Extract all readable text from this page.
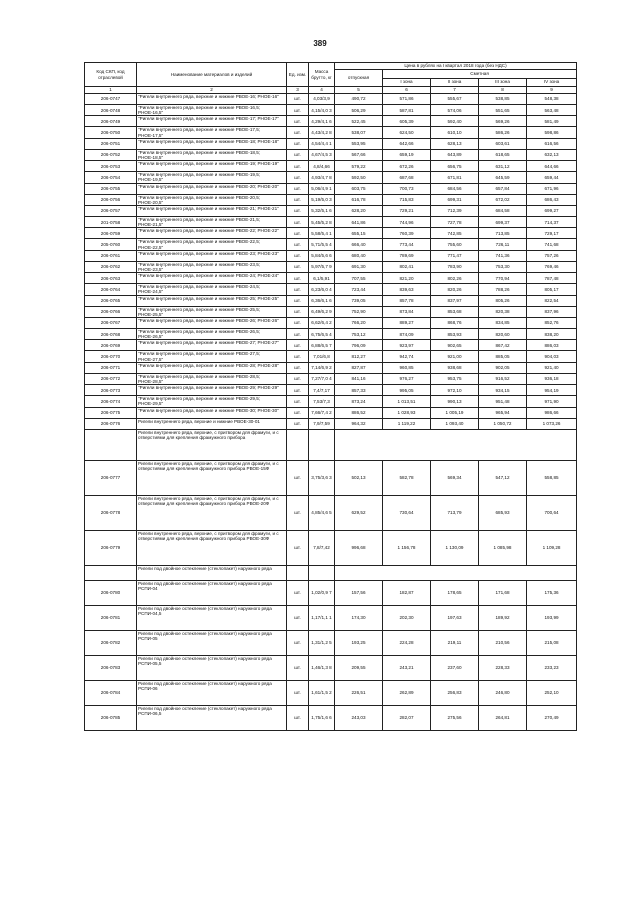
389
Код СКП, код отраслевой	Наименование материалов и изделий	Ед. изм.	Масса брутто, кг	Цена в рублях на I квартал 2018 года (без НДС)				
				отпускная	Сметная			
					I зона	II зона	III зона	IV зона
1	2	3	4	5	6	7	8	9
206-0747	"Ригели внутреннего ряда, верхние и нижние РВОЕ-16; РНОЕ-16"	шт.	4,03/3,9	490,72	571,86	555,67	538,85	548,38
206-0748	"Ригели внутреннего ряда, верхние и нижние РВОЕ-16,5; РНОЕ-16,5"	шт.	4,15/4,0 3	506,29	587,81	574,06	551,65	563,48
206-0749	"Ригели внутреннего ряда, верхние и нижние РВОЕ-17; РНОЕ-17"	шт.	4,29/4,1 6	522,45	605,39	592,40	569,26	581,49
206-0750	"Ригели внутреннего ряда, верхние и нижние РВОЕ-17,5; РНОЕ-17,5"	шт.	4,43/4,2 8	538,07	624,50	610,10	586,26	598,86
206-0751	"Ригели внутреннего ряда, верхние и нижние РВОЕ-18; РНОЕ-18"	шт.	4,54/4,4 1	553,95	642,66	628,13	603,61	616,56
206-0752	"Ригели внутреннего ряда, верхние и нижние РВОЕ-18,5; РНОЕ-18,5"	шт.	4,67/4,5 3	567,66	659,19	643,89	618,65	632,13
206-0753	"Ригели внутреннего ряда, верхние и нижние РВОЕ-19; РНОЕ-19"	шт.	4,8/4,66	579,22	672,26	656,75	631,12	644,66
206-0754	"Ригели внутреннего ряда, верхние и нижние РВОЕ-19,5; РНОЕ-19,5"	шт.	4,93/4,7 8	592,50	687,68	671,81	645,59	659,44
206-0755	"Ригели внутреннего ряда, верхние и нижние РВОЕ-20; РНОЕ-20"	шт.	5,06/4,9 1	603,75	700,73	684,56	657,84	671,96
206-0756	"Ригели внутреннего ряда, верхние и нижние РВОЕ-20,5; РНОЕ-20,5"	шт.	5,19/5,0 3	616,78	715,83	699,31	672,02	686,43
206-0757	"Ригели внутреннего ряда, верхние и нижние РВОЕ-21; РНОЕ-21"	шт.	5,32/5,1 6	628,20	729,21	712,39	684,58	699,27
201-0758	"Ригели внутреннего ряда, верхние и нижние РВОЕ-21,5; РНОЕ-21,5"	шт.	5,45/5,2 8	641,86	744,96	727,78	699,37	714,37
206-0759	"Ригели внутреннего ряда, верхние и нижние РВОЕ-22; РНОЕ-22"	шт.	5,58/5,4 1	655,15	760,39	742,85	713,85	729,17
205-0760	"Ригели внутреннего ряда, верхние и нижние РВОЕ-22,5; РНОЕ-22,5"	шт.	5,71/5,5 4	666,40	773,44	755,60	726,11	741,68
206-0761	"Ригели внутреннего ряда, верхние и нижние РВОЕ-23; РНОЕ-23"	шт.	5,84/5,6 6	680,40	789,69	771,47	741,36	757,26
206-0762	"Ригели внутреннего ряда, верхние и нижние РВОЕ-23,5; РНОЕ-23,5"	шт.	5,97/5,7 9	691,30	802,41	783,90	753,30	769,46
206-0763	"Ригели внутреннего ряда, верхние и нижние РВОЕ-24; РНОЕ-24"	шт.	6,1/5,91	707,55	821,20	802,26	770,94	787,48
206-0764	"Ригели внутреннего ряда, верхние и нижние РВОЕ-24,5; РНОЕ-24,5"	шт.	6,23/6,0 4	723,44	839,63	820,26	788,26	805,17
206-0765	"Ригели внутреннего ряда, верхние и нижние РВОЕ-25; РНОЕ-25"	шт.	6,36/6,1 6	739,05	857,78	837,97	805,26	822,54
206-0766	"Ригели внутреннего ряда, верхние и нижние РВОЕ-25,5; РНОЕ-25,5"	шт.	6,49/6,2 9	752,90	873,84	853,68	820,38	837,96
206-0767	"Ригели внутреннего ряда, верхние и нижние РВОЕ-26; РНОЕ-26"	шт.	6,62/6,4 2	766,20	889,27	868,76	834,85	852,76
206-0768	"Ригели внутреннего ряда, верхние и нижние РВОЕ-26,5; РНОЕ-26,5"	шт.	6,75/6,5 4	753,12	874,09	853,93	820,60	838,20
206-0769	"Ригели внутреннего ряда, верхние и нижние РВОЕ-27; РНОЕ-27"	шт.	6,88/6,5 7	796,09	923,97	902,65	867,42	886,03
206-0770	"Ригели внутреннего ряда, верхние и нижние РВОЕ-27,5; РНОЕ-27,5"	шт.	7,01/6,8	812,27	942,74	921,00	885,05	904,03
206-0771	"Ригели внутреннего ряда, верхние и нижние РВОЕ-28; РНОЕ-28"	шт.	7,14/6,9 2	827,87	960,85	938,68	902,05	921,40
206-0772	"Ригели внутреннего ряда, верхние и нижние РВОЕ-28,5; РНОЕ-28,5"	шт.	7,27/7,0 4	841,16	976,27	953,75	916,52	936,18
206-0773	"Ригели внутреннего ряда, верхние и нижние РВОЕ-29; РНОЕ-29"	шт.	7,4/7,17	857,33	995,05	972,10	934,15	954,19
206-0774	"Ригели внутреннего ряда, верхние и нижние РВОЕ-29,5; РНОЕ-29,5"	шт.	7,53/7,3	873,24	1 013,51	990,13	951,48	971,90
206-0775	"Ригели внутреннего ряда, верхние и нижние РВОЕ-30; РНОЕ-30"	шт.	7,66/7,4 2	886,52	1 028,93	1 005,19	965,94	986,66
206-0776	Ригели внутреннего ряда, верхние и нижние РВОЕ-30-01	шт.	7,9/7,59	964,32	1 119,22	1 093,40	1 050,72	1 073,26
	Ригели внутреннего ряда, верхние, с притвором для фрамуги, и с отверстиями для крепления фрамужного прибора							
206-0777	Ригели внутреннего ряда, верхние, с притвором для фрамуги, и с отверстиями для крепления фрамужного прибора РВОЕ-15Ф	шт.	3,75/3,6 3	502,13	582,78	569,34	547,12	558,85
206-0778	Ригели внутреннего ряда, верхние, с притвором для фрамуги, и с отверстиями для крепления фрамужного прибора РВОЕ-20Ф	шт.	4,85/4,6 5	629,52	730,64	713,79	685,93	700,64
206-0779	Ригели внутреннего ряда, верхние, с притвором для фрамуги, и с отверстиями для крепления фрамужного прибора РВОЕ-30Ф	шт.	7,8/7,42	996,68	1 156,78	1 130,09	1 085,98	1 109,28
	Ригели под двойное остекление (стеклопакет) наружного ряда							
206-0780	Ригели под двойное остекление (стеклопакет) наружного ряда РСПИ-04	шт.	1,02/0,9 7	157,56	182,87	178,65	171,68	175,36
206-0781	Ригели под двойное остекление (стеклопакет) наружного ряда РСПИ-04,5	шт.	1,17/1,1 1	174,30	202,30	197,63	189,92	193,99
206-0782	Ригели под двойное остекление (стеклопакет) наружного ряда РСПИ-05	шт.	1,31/1,2 5	193,25	224,28	219,11	210,56	215,08
206-0783	Ригели под двойное остекление (стеклопакет) наружного ряда РСПИ-05,5	шт.	1,46/1,3 8	209,55	243,21	237,60	228,33	233,23
206-0784	Ригели под двойное остекление (стеклопакет) наружного ряда РСПИ-06	шт.	1,61/1,5 2	226,51	262,89	256,83	246,80	252,10
206-0785	Ригели под двойное остекление (стеклопакет) наружного ряда РСПИ-06,5	шт.	1,75/1,6 6	243,03	282,07	275,56	264,81	270,49
